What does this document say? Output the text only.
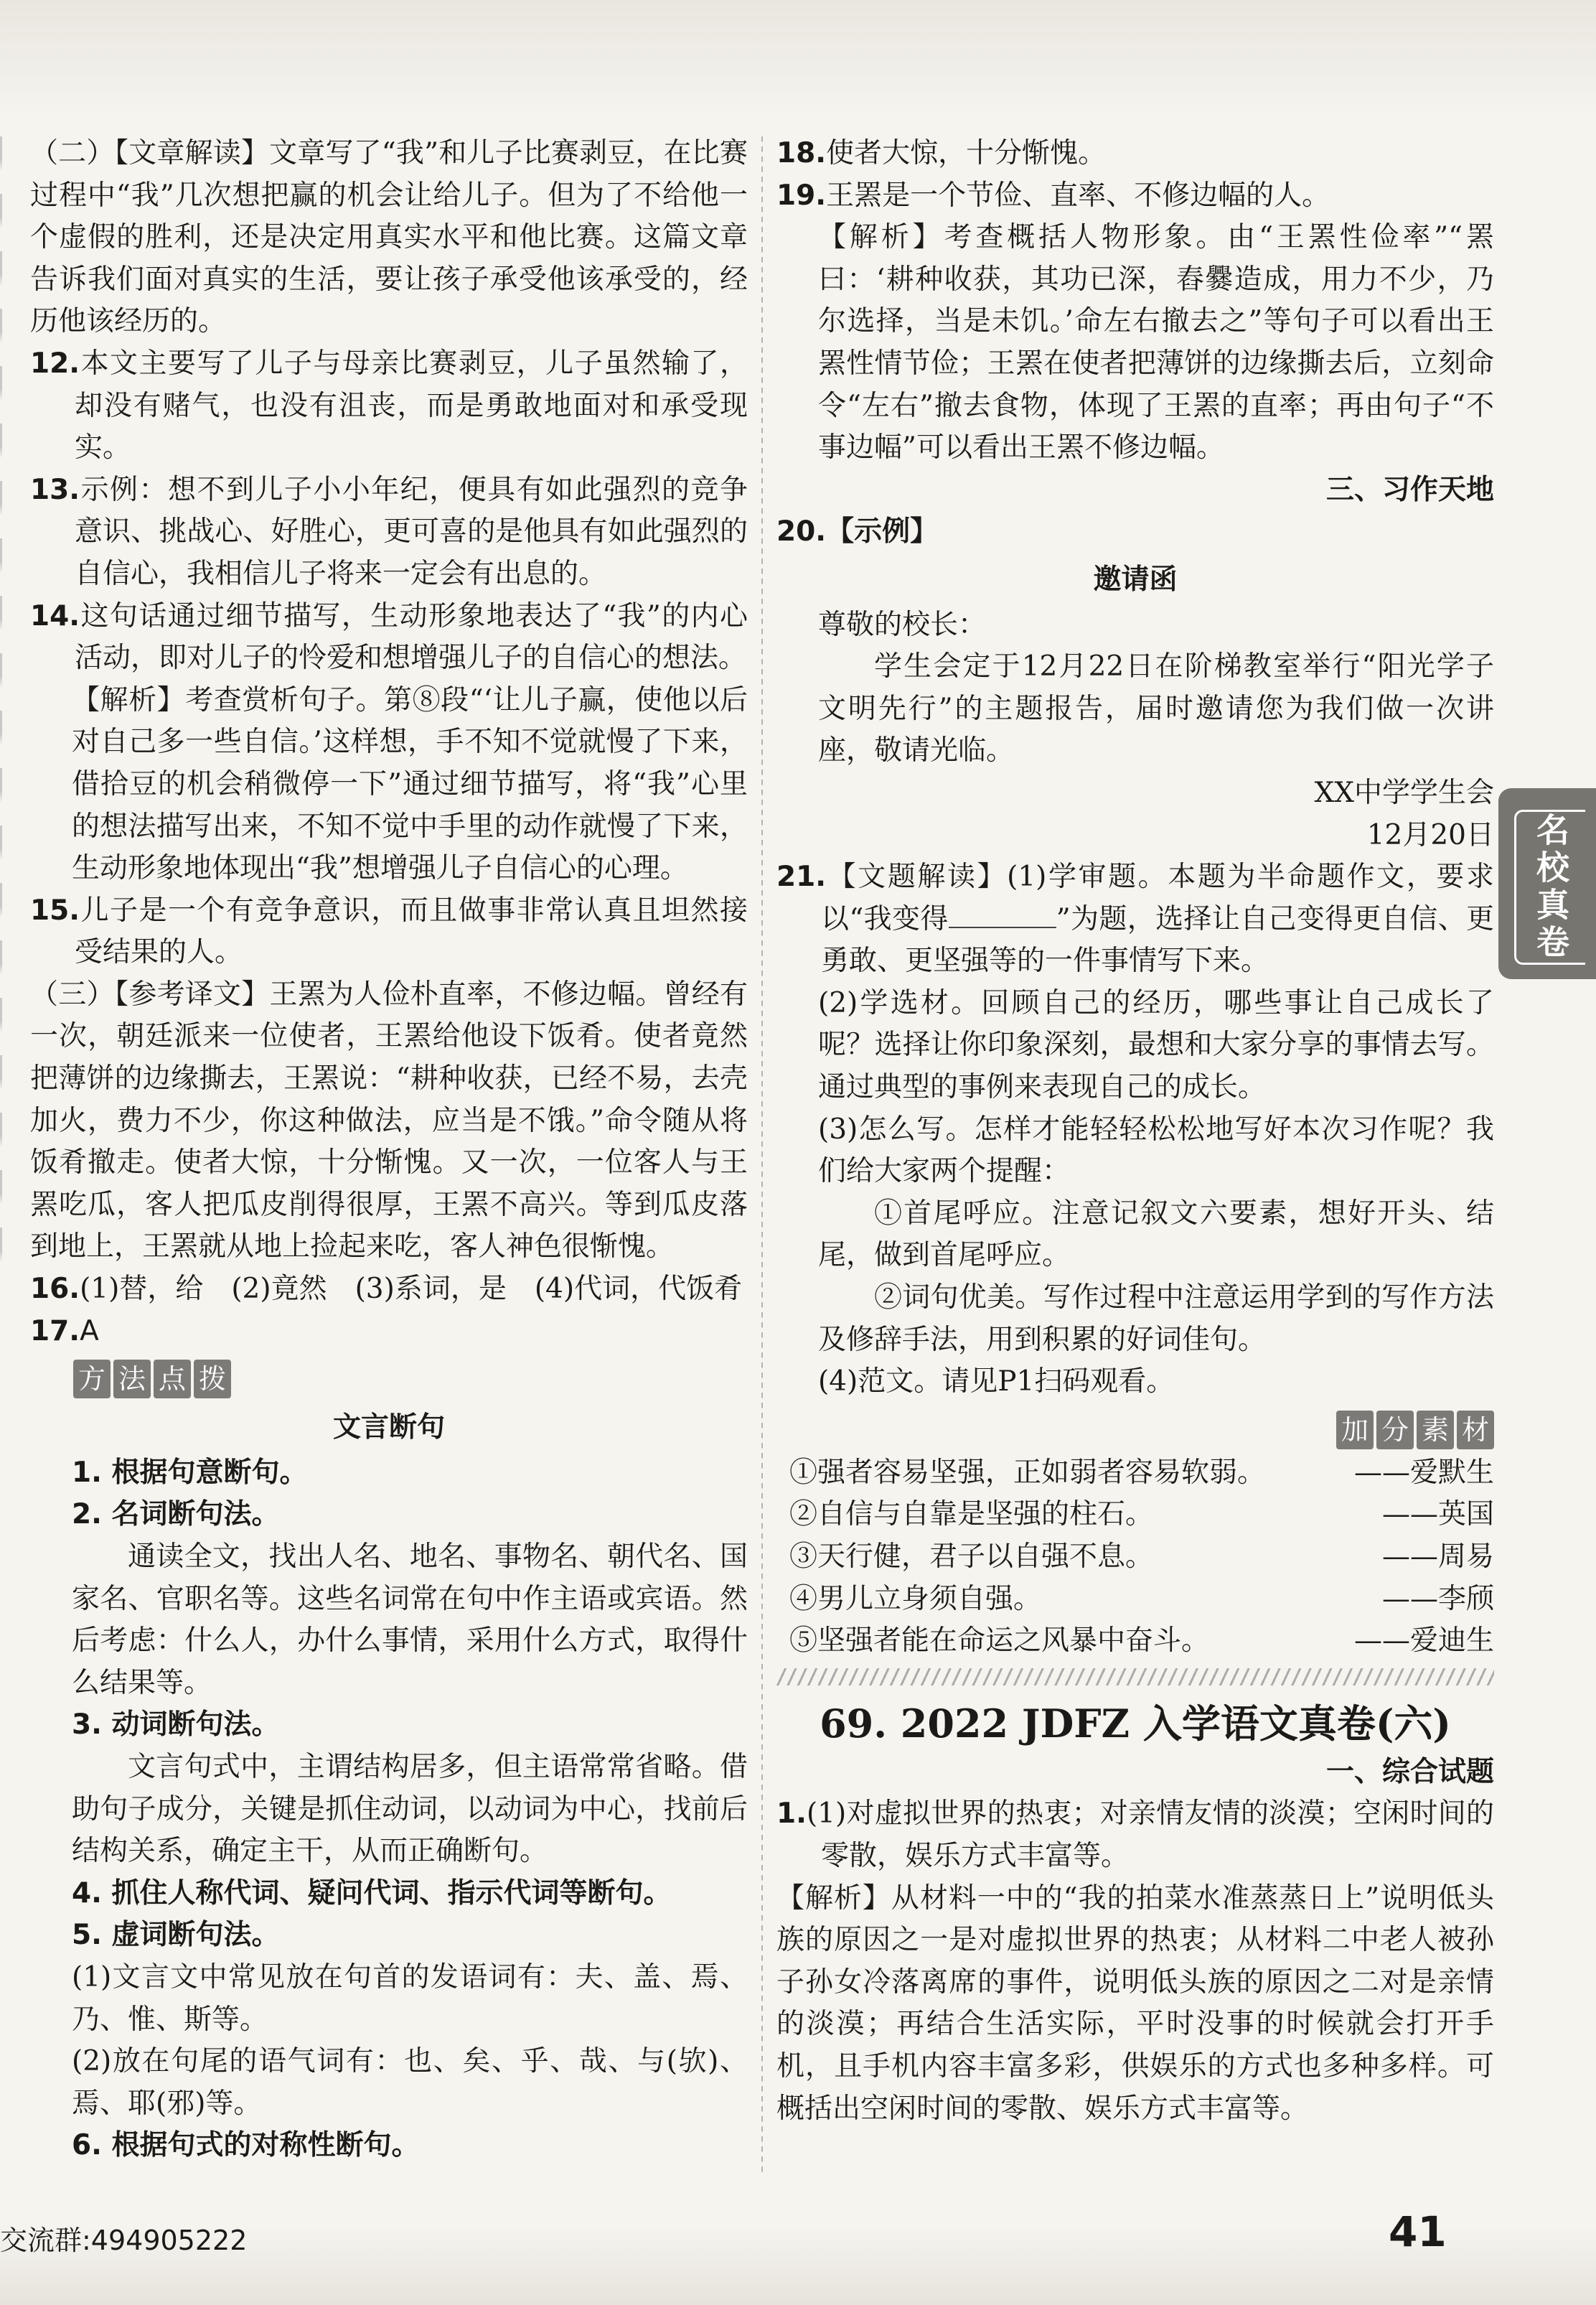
（二）【文章解读】文章写了“我”和儿子比赛剥豆，在比赛过程中“我”几次想把赢的机会让给儿子。但为了不给他一个虚假的胜利，还是决定用真实水平和他比赛。这篇文章告诉我们面对真实的生活，要让孩子承受他该承受的，经历他该经历的。

12.本文主要写了儿子与母亲比赛剥豆，儿子虽然输了，却没有赌气，也没有沮丧，而是勇敢地面对和承受现实。

13.示例：想不到儿子小小年纪，便具有如此强烈的竞争意识、挑战心、好胜心，更可喜的是他具有如此强烈的自信心，我相信儿子将来一定会有出息的。

14.这句话通过细节描写，生动形象地表达了“我”的内心活动，即对儿子的怜爱和想增强儿子的自信心的想法。

【解析】考查赏析句子。第⑧段“‘让儿子赢，使他以后对自己多一些自信。’这样想，手不知不觉就慢了下来，借拾豆的机会稍微停一下”通过细节描写，将“我”心里的想法描写出来，不知不觉中手里的动作就慢了下来，生动形象地体现出“我”想增强儿子自信心的心理。

15.儿子是一个有竞争意识，而且做事非常认真且坦然接受结果的人。

（三）【参考译文】王罴为人俭朴直率，不修边幅。曾经有一次，朝廷派来一位使者，王罴给他设下饭肴。使者竟然把薄饼的边缘撕去，王罴说：“耕种收获，已经不易，去壳加火，费力不少，你这种做法，应当是不饿。”命令随从将饭肴撤走。使者大惊，十分惭愧。又一次，一位客人与王罴吃瓜，客人把瓜皮削得很厚，王罴不高兴。等到瓜皮落到地上，王罴就从地上捡起来吃，客人神色很惭愧。

16.(1)替，给　(2)竟然　(3)系词，是　(4)代词，代饭肴

17.A

方 法 点 拨

文言断句

1. 根据句意断句。

2. 名词断句法。

通读全文，找出人名、地名、事物名、朝代名、国家名、官职名等。这些名词常在句中作主语或宾语。然后考虑：什么人，办什么事情，采用什么方式，取得什么结果等。

3. 动词断句法。

文言句式中，主谓结构居多，但主语常常省略。借助句子成分，关键是抓住动词，以动词为中心，找前后结构关系，确定主干，从而正确断句。

4. 抓住人称代词、疑问代词、指示代词等断句。

5. 虚词断句法。

(1)文言文中常见放在句首的发语词有：夫、盖、焉、乃、惟、斯等。

(2)放在句尾的语气词有：也、矣、乎、哉、与(欤)、焉、耶(邪)等。

6. 根据句式的对称性断句。

18.使者大惊，十分惭愧。

19.王罴是一个节俭、直率、不修边幅的人。

【解析】考查概括人物形象。由“王罴性俭率”“罴曰：‘耕种收获，其功已深，舂爨造成，用力不少，乃尔选择，当是未饥。’命左右撤去之”等句子可以看出王罴性情节俭；王罴在使者把薄饼的边缘撕去后，立刻命令“左右”撤去食物，体现了王罴的直率；再由句子“不事边幅”可以看出王罴不修边幅。

三、习作天地

20.【示例】

邀请函

尊敬的校长：

学生会定于12月22日在阶梯教室举行“阳光学子　文明先行”的主题报告，届时邀请您为我们做一次讲座，敬请光临。

XX中学学生会

12月20日

21.【文题解读】(1)学审题。本题为半命题作文，要求以“我变得	”为题，选择让自己变得更自信、更勇敢、更坚强等的一件事情写下来。

(2)学选材。回顾自己的经历，哪些事让自己成长了呢？选择让你印象深刻，最想和大家分享的事情去写。通过典型的事例来表现自己的成长。

(3)怎么写。怎样才能轻轻松松地写好本次习作呢？我们给大家两个提醒：

①首尾呼应。注意记叙文六要素，想好开头、结尾，做到首尾呼应。

②词句优美。写作过程中注意运用学到的写作方法及修辞手法，用到积累的好词佳句。

(4)范文。请见P1扫码观看。

加 分 素 材
①强者容易坚强，正如弱者容易软弱。	——爱默生
②自信与自靠是坚强的柱石。	——英国
③天行健，君子以自强不息。	——周易
④男儿立身须自强。	——李颀
⑤坚强者能在命运之风暴中奋斗。	——爱迪生

69. 2022 JDFZ 入学语文真卷(六)

一、综合试题

1.(1)对虚拟世界的热衷；对亲情友情的淡漠；空闲时间的零散，娱乐方式丰富等。

【解析】从材料一中的“我的拍菜水准蒸蒸日上”说明低头族的原因之一是对虚拟世界的热衷；从材料二中老人被孙子孙女冷落离席的事件，说明低头族的原因之二对是亲情的淡漠；再结合生活实际，平时没事的时候就会打开手机，且手机内容丰富多彩，供娱乐的方式也多种多样。可概括出空闲时间的零散、娱乐方式丰富等。

名校真卷
交流群:494905222	41
